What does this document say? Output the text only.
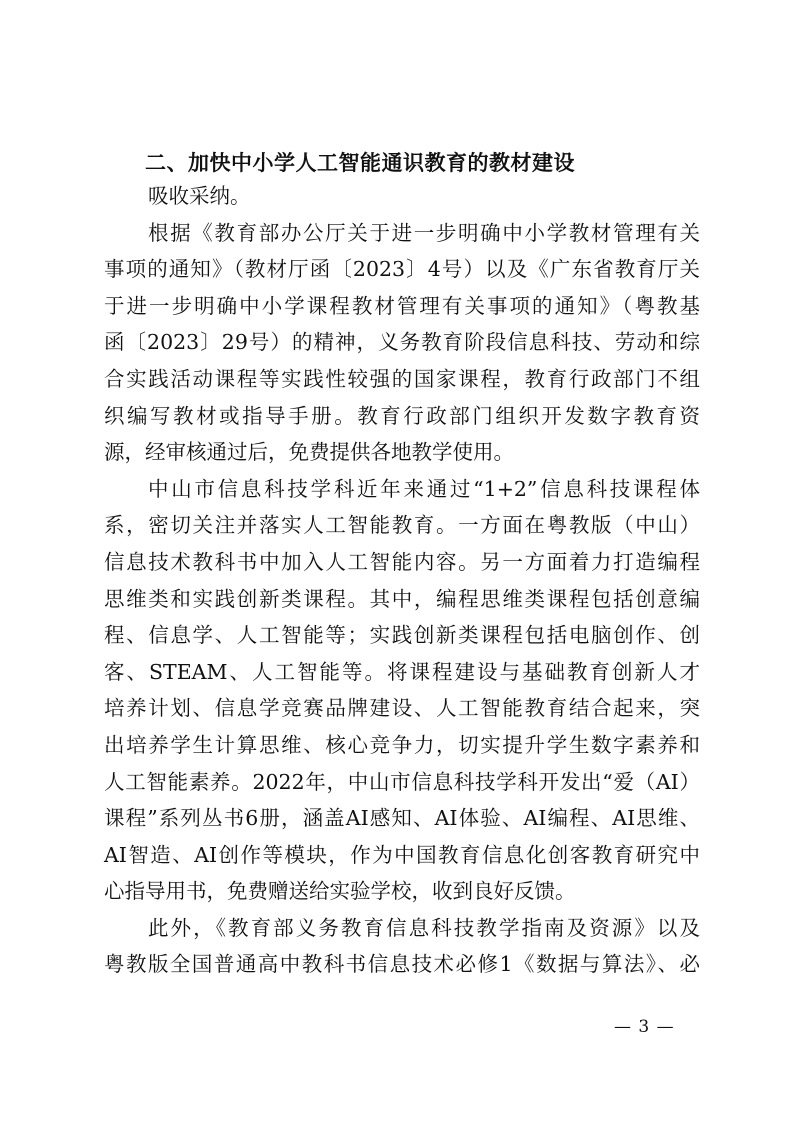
二、加快中小学人工智能通识教育的教材建设
吸收采纳。
根据《教育部办公厅关于进一步明确中小学教材管理有关
事项的通知》（教材厅函〔2023〕4号）以及《广东省教育厅关
于进一步明确中小学课程教材管理有关事项的通知》（粤教基
函〔2023〕29号）的精神，义务教育阶段信息科技、劳动和综
合实践活动课程等实践性较强的国家课程，教育行政部门不组
织编写教材或指导手册。教育行政部门组织开发数字教育资
源，经审核通过后，免费提供各地教学使用。
中山市信息科技学科近年来通过“1+2”信息科技课程体
系，密切关注并落实人工智能教育。一方面在粤教版（中山）
信息技术教科书中加入人工智能内容。另一方面着力打造编程
思维类和实践创新类课程。其中，编程思维类课程包括创意编
程、信息学、人工智能等；实践创新类课程包括电脑创作、创
客、STEAM、人工智能等。将课程建设与基础教育创新人才
培养计划、信息学竞赛品牌建设、人工智能教育结合起来，突
出培养学生计算思维、核心竞争力，切实提升学生数字素养和
人工智能素养。2022年，中山市信息科技学科开发出“爱（AI）
课程”系列丛书6册，涵盖AI感知、AI体验、AI编程、AI思维、
AI智造、AI创作等模块，作为中国教育信息化创客教育研究中
心指导用书，免费赠送给实验学校，收到良好反馈。
此外，《教育部义务教育信息科技教学指南及资源》以及
粤教版全国普通高中教科书信息技术必修1《数据与算法》、必
— 3 —
